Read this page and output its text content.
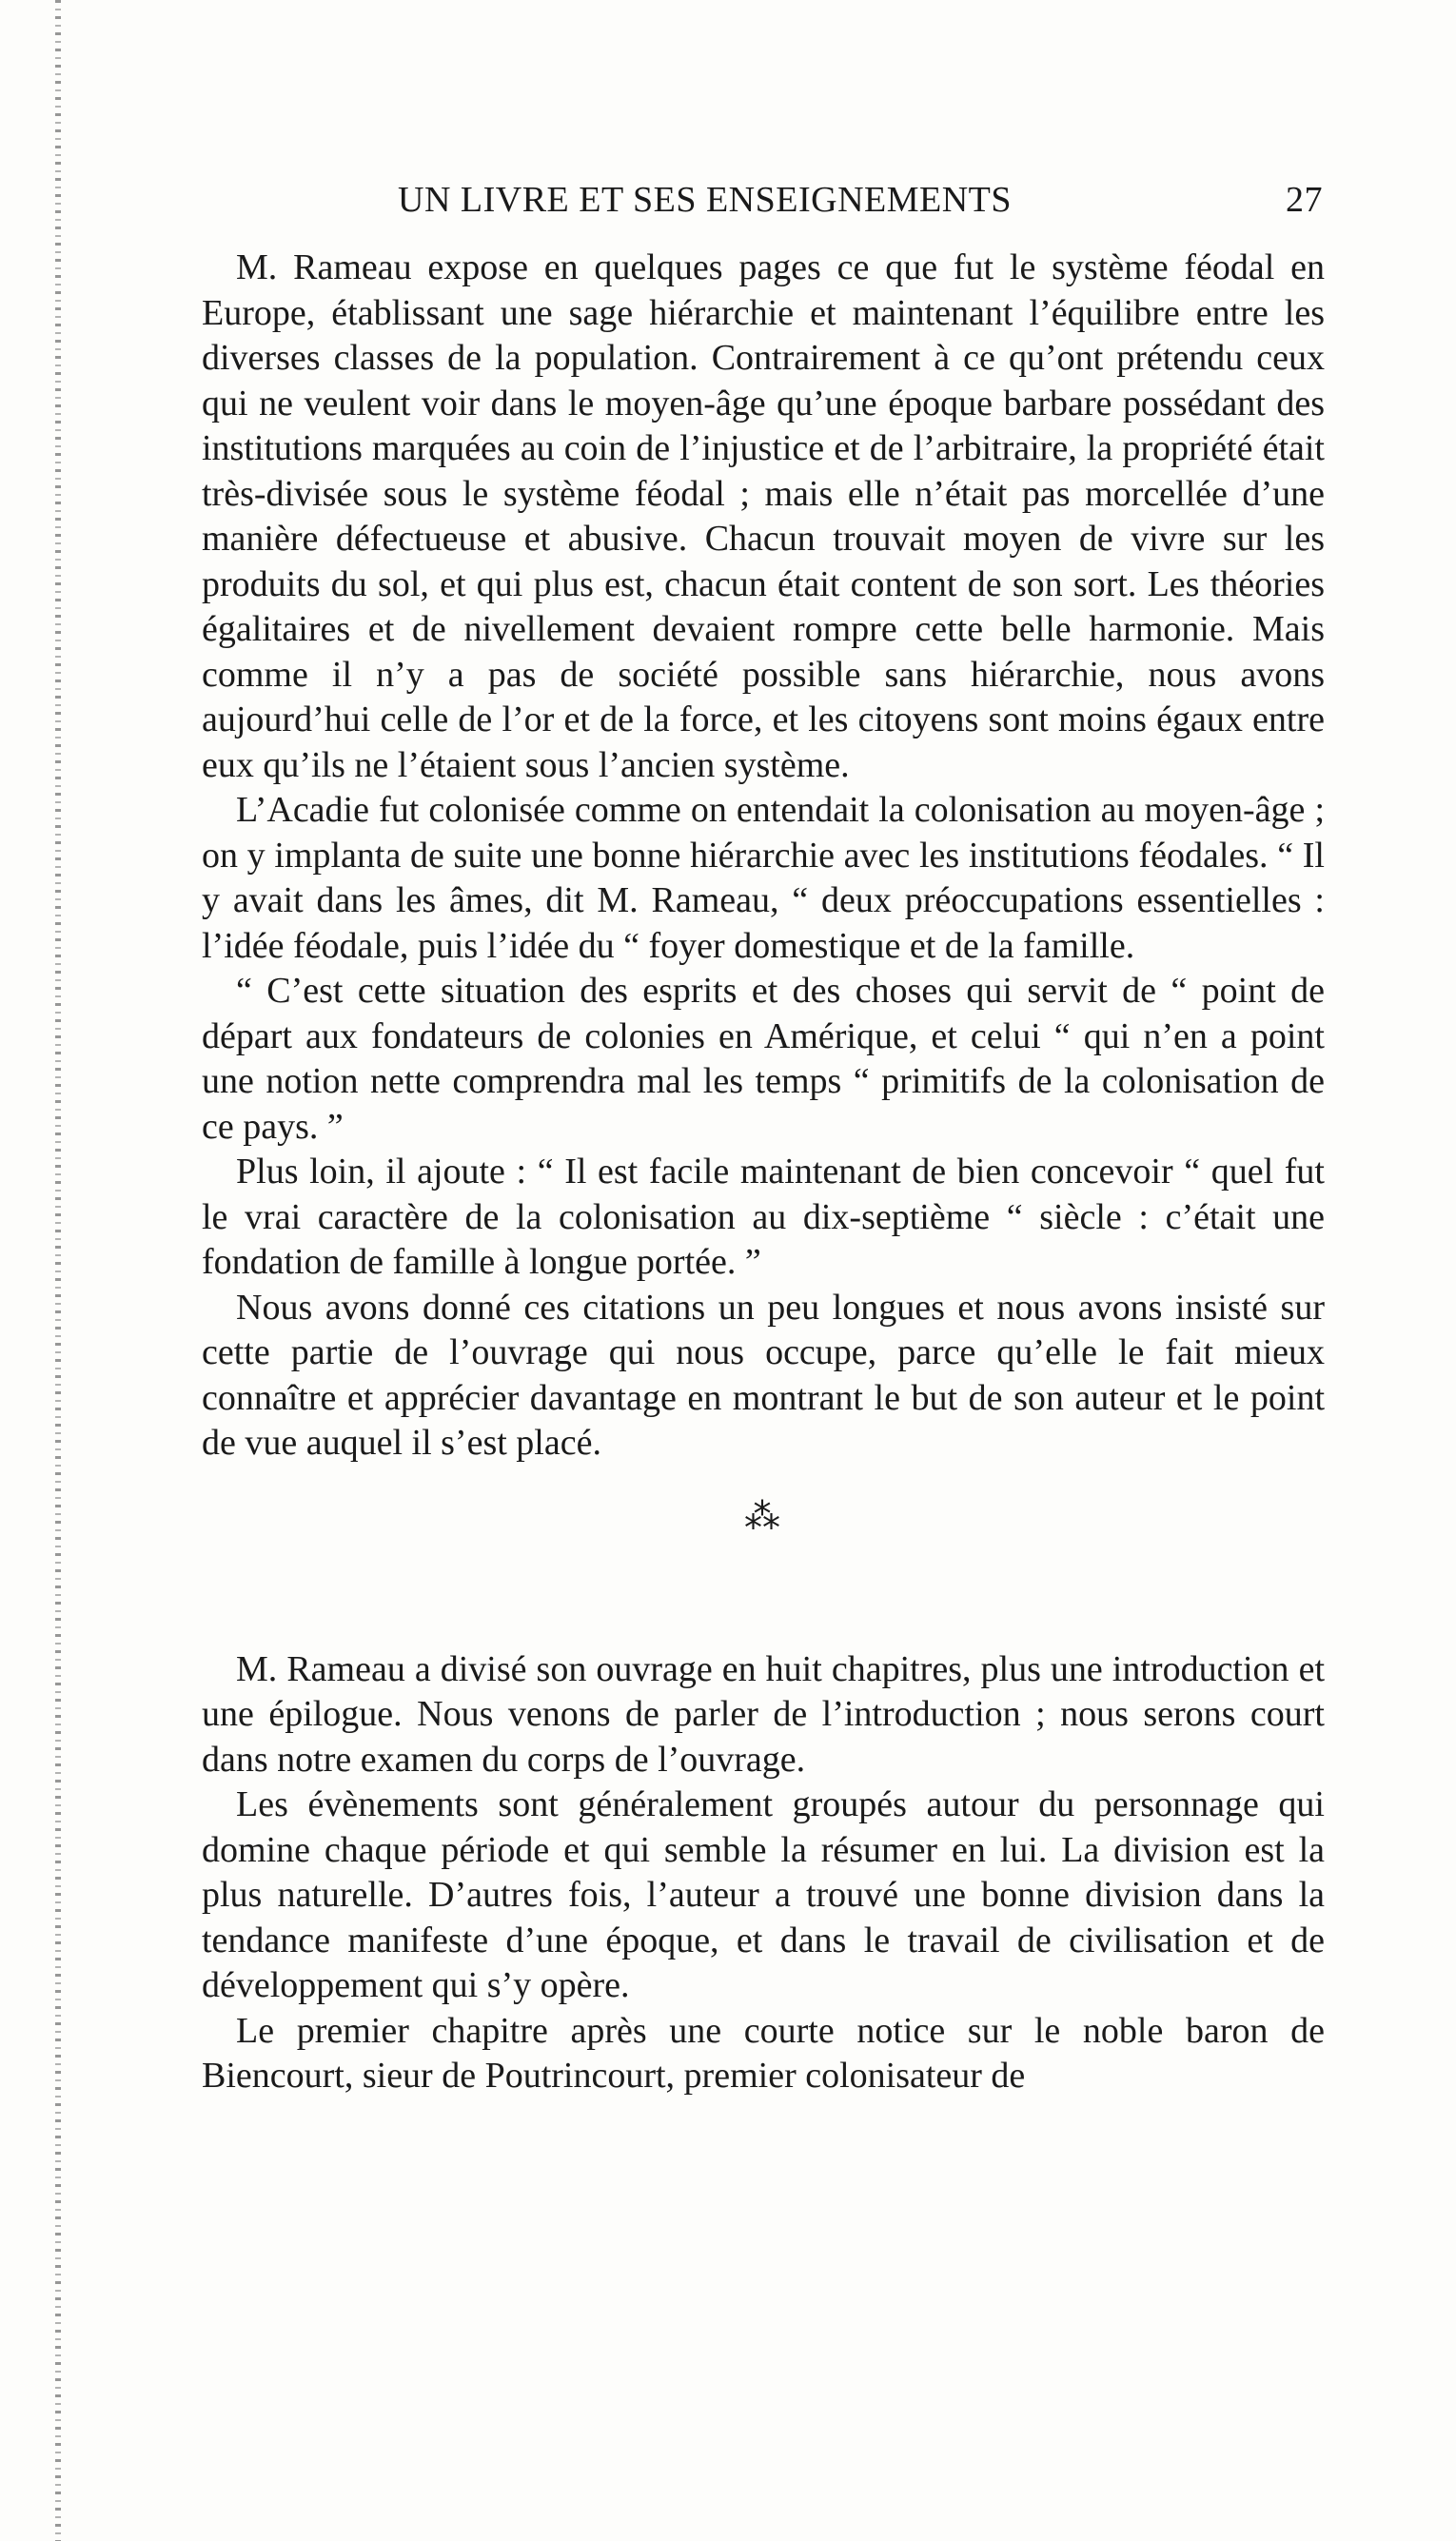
UN LIVRE ET SES ENSEIGNEMENTS	27

M. Rameau expose en quelques pages ce que fut le système féodal en Europe, établissant une sage hiérarchie et maintenant l’équilibre entre les diverses classes de la population. Contrairement à ce qu’ont prétendu ceux qui ne veulent voir dans le moyen-âge qu’une époque barbare possédant des institutions marquées au coin de l’injustice et de l’arbitraire, la propriété était très-divisée sous le système féodal ; mais elle n’était pas morcellée d’une manière défectueuse et abusive. Chacun trouvait moyen de vivre sur les produits du sol, et qui plus est, chacun était content de son sort. Les théories égalitaires et de nivellement devaient rompre cette belle harmonie. Mais comme il n’y a pas de société possible sans hiérarchie, nous avons aujourd’hui celle de l’or et de la force, et les citoyens sont moins égaux entre eux qu’ils ne l’étaient sous l’ancien système.

L’Acadie fut colonisée comme on entendait la colonisation au moyen-âge ; on y implanta de suite une bonne hiérarchie avec les institutions féodales. “ Il y avait dans les âmes, dit M. Rameau, “ deux préoccupations essentielles : l’idée féodale, puis l’idée du “ foyer domestique et de la famille.

“ C’est cette situation des esprits et des choses qui servit de “ point de départ aux fondateurs de colonies en Amérique, et celui “ qui n’en a point une notion nette comprendra mal les temps “ primitifs de la colonisation de ce pays. ”

Plus loin, il ajoute : “ Il est facile maintenant de bien concevoir “ quel fut le vrai caractère de la colonisation au dix-septième “ siècle : c’était une fondation de famille à longue portée. ”

Nous avons donné ces citations un peu longues et nous avons insisté sur cette partie de l’ouvrage qui nous occupe, parce qu’elle le fait mieux connaître et apprécier davantage en montrant le but de son auteur et le point de vue auquel il s’est placé.

⁂

M. Rameau a divisé son ouvrage en huit chapitres, plus une introduction et une épilogue. Nous venons de parler de l’introduction ; nous serons court dans notre examen du corps de l’ouvrage.

Les évènements sont généralement groupés autour du personnage qui domine chaque période et qui semble la résumer en lui. La division est la plus naturelle. D’autres fois, l’auteur a trouvé une bonne division dans la tendance manifeste d’une époque, et dans le travail de civilisation et de développement qui s’y opère.

Le premier chapitre après une courte notice sur le noble baron de Biencourt, sieur de Poutrincourt, premier colonisateur de
